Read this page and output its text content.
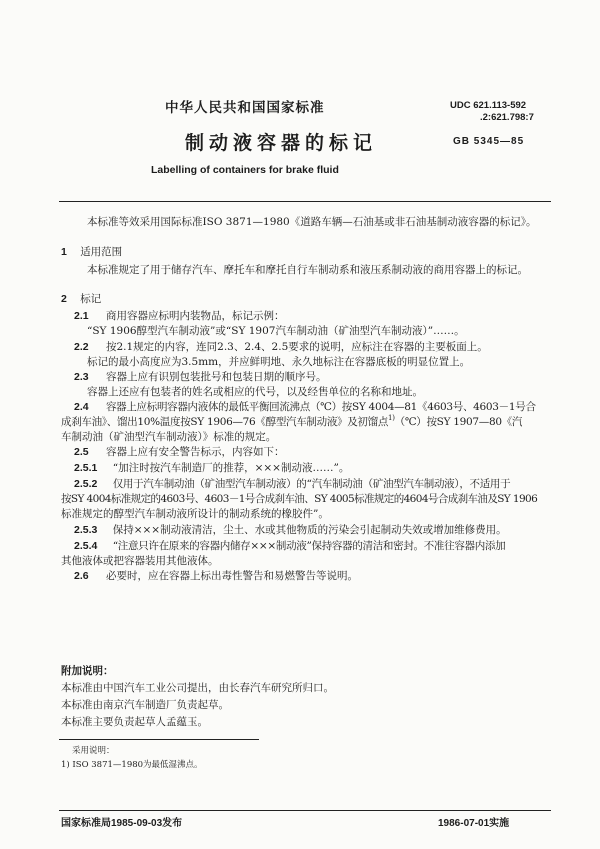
中华人民共和国国家标准
制动液容器的标记
Labelling of containers for brake fluid
UDC 621.113-592
.2:621.798:7
GB 5345—85
本标准等效采用国际标准ISO 3871—1980《道路车辆—石油基或非石油基制动液容器的标记》。
1 适用范围
本标准规定了用于储存汽车、摩托车和摩托自行车制动系和液压系制动液的商用容器上的标记。
2 标记
2.1 商用容器应标明内装物品，标记示例：
“SY 1906醇型汽车制动液”或“SY 1907汽车制动油（矿油型汽车制动液）”……。
2.2 按2.1规定的内容，连同2.3、2.4、2.5要求的说明，应标注在容器的主要板面上。
标记的最小高度应为3.5mm，并应鲜明地、永久地标注在容器底板的明显位置上。
2.3 容器上应有识别包装批号和包装日期的顺序号。
容器上还应有包装者的姓名或相应的代号，以及经售单位的名称和地址。
2.4 容器上应标明容器内液体的最低平衡回流沸点（℃）按SY 4004—81《4603号、4603－1号合
成刹车油》、馏出10%温度按SY 1906—76《醇型汽车制动液》及初馏点$^{1)}$（℃）按SY 1907—80《汽
车制动油（矿油型汽车制动液）》标准的规定。
2.5 容器上应有安全警告标示，内容如下：
2.5.1 “加注时按汽车制造厂的推荐，×××制动液……”。
2.5.2 仅用于汽车制动油（矿油型汽车制动液）的“汽车制动油（矿油型汽车制动液），不适用于
按SY 4004标准规定的4603号、4603－1号合成刹车油、SY 4005标准规定的4604号合成刹车油及SY 1906
标准规定的醇型汽车制动液所设计的制动系统的橡胶件”。
2.5.3 保持×××制动液清洁，尘土、水或其他物质的污染会引起制动失效或增加维修费用。
2.5.4 “注意只许在原来的容器内储存×××制动液”保持容器的清洁和密封。不准往容器内添加
其他液体或把容器装用其他液体。
2.6 必要时，应在容器上标出毒性警告和易燃警告等说明。
附加说明：
本标准由中国汽车工业公司提出，由长春汽车研究所归口。
本标准由南京汽车制造厂负责起草。
本标准主要负责起草人孟蕴玉。
采用说明：
1) ISO 3871—1980为最低湿沸点。
国家标准局1985-09-03发布	1986-07-01实施
